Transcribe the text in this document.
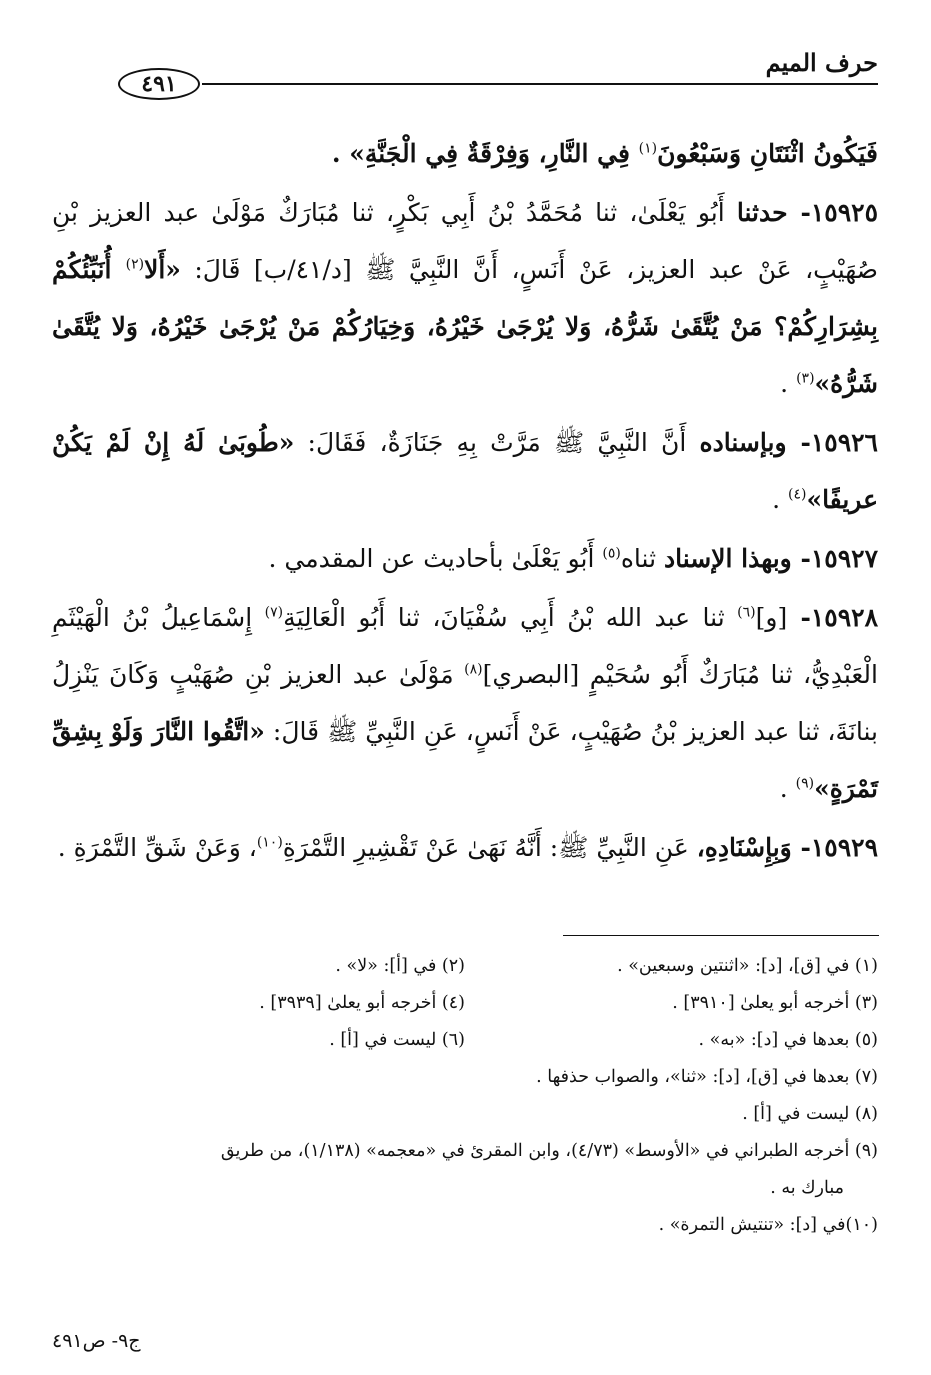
حرف الميم
٤٩١

فَيَكُونُ اثْنَتَانِ وَسَبْعُونَ$^{(١)}$ فِي النَّارِ، وَفِرْقَةٌ فِي الْجَنَّةِ» .

١٥٩٢٥- حدثنا أَبُو يَعْلَىٰ، ثنا مُحَمَّدُ بْنُ أَبِي بَكْرٍ، ثنا مُبَارَكٌ مَوْلَىٰ عبد العزيز بْنِ صُهَيْبٍ، عَنْ عبد العزيز، عَنْ أَنَسٍ، أَنَّ النَّبِيَّ ﷺ [د/٤١/ب] قَالَ: «أَلا$^{(٢)}$ أُنَبِّئُكُمْ بِشِرَارِكُمْ؟ مَنْ يُتَّقَىٰ شَرُّهُ، وَلا يُرْجَىٰ خَيْرُهُ، وَخِيَارُكُمْ مَنْ يُرْجَىٰ خَيْرُهُ، وَلا يُتَّقَىٰ شَرُّهُ»$^{(٣)}$ .

١٥٩٢٦- وبإسناده أَنَّ النَّبِيَّ ﷺ مَرَّتْ بِهِ جَنَازَةٌ، فَقَالَ: «طُوبَىٰ لَهُ إِنْ لَمْ يَكُنْ عريفًا»$^{(٤)}$ .

١٥٩٢٧- وبهذا الإسناد ثناه$^{(٥)}$ أَبُو يَعْلَىٰ بأحاديث عن المقدمي .

١٥٩٢٨- [و]$^{(٦)}$ ثنا عبد الله بْنُ أَبِي سُفْيَانَ، ثنا أَبُو الْعَالِيَةِ$^{(٧)}$ إِسْمَاعِيلُ بْنُ الْهَيْثَمِ الْعَبْدِيُّ، ثنا مُبَارَكٌ أَبُو سُحَيْمٍ [البصري]$^{(٨)}$ مَوْلَىٰ عبد العزيز بْنِ صُهَيْبٍ وَكَانَ يَنْزِلُ بنانَةَ، ثنا عبد العزيز بْنُ صُهَيْبٍ، عَنْ أَنَسٍ، عَنِ النَّبِيِّ ﷺ قَالَ: «اتَّقُوا النَّارَ وَلَوْ بِشِقِّ تَمْرَةٍ»$^{(٩)}$ .

١٥٩٢٩- وَبِإِسْنَادِهِ، عَنِ النَّبِيِّ ﷺ: أَنَّهُ نَهَىٰ عَنْ تَقْشِيرِ التَّمْرَةِ$^{(١٠)}$، وَعَنْ شَقِّ التَّمْرَةِ .

(١) في [ق]، [د]: «اثنتين وسبعين» .
(٢) في [أ]: «لا» .
(٣) أخرجه أبو يعلىٰ [٣٩١٠] .
(٤) أخرجه أبو يعلىٰ [٣٩٣٩] .
(٥) بعدها في [د]: «به» .
(٦) ليست في [أ] .
(٧) بعدها في [ق]، [د]: «ثنا»، والصواب حذفها .
(٨) ليست في [أ] .
(٩) أخرجه الطبراني في «الأوسط» (٤/٧٣)، وابن المقرئ في «معجمه» (١/١٣٨)، من طريق
مبارك به .
(١٠)في [د]: «تنتيش التمرة» .
ج٩- ص٤٩١
